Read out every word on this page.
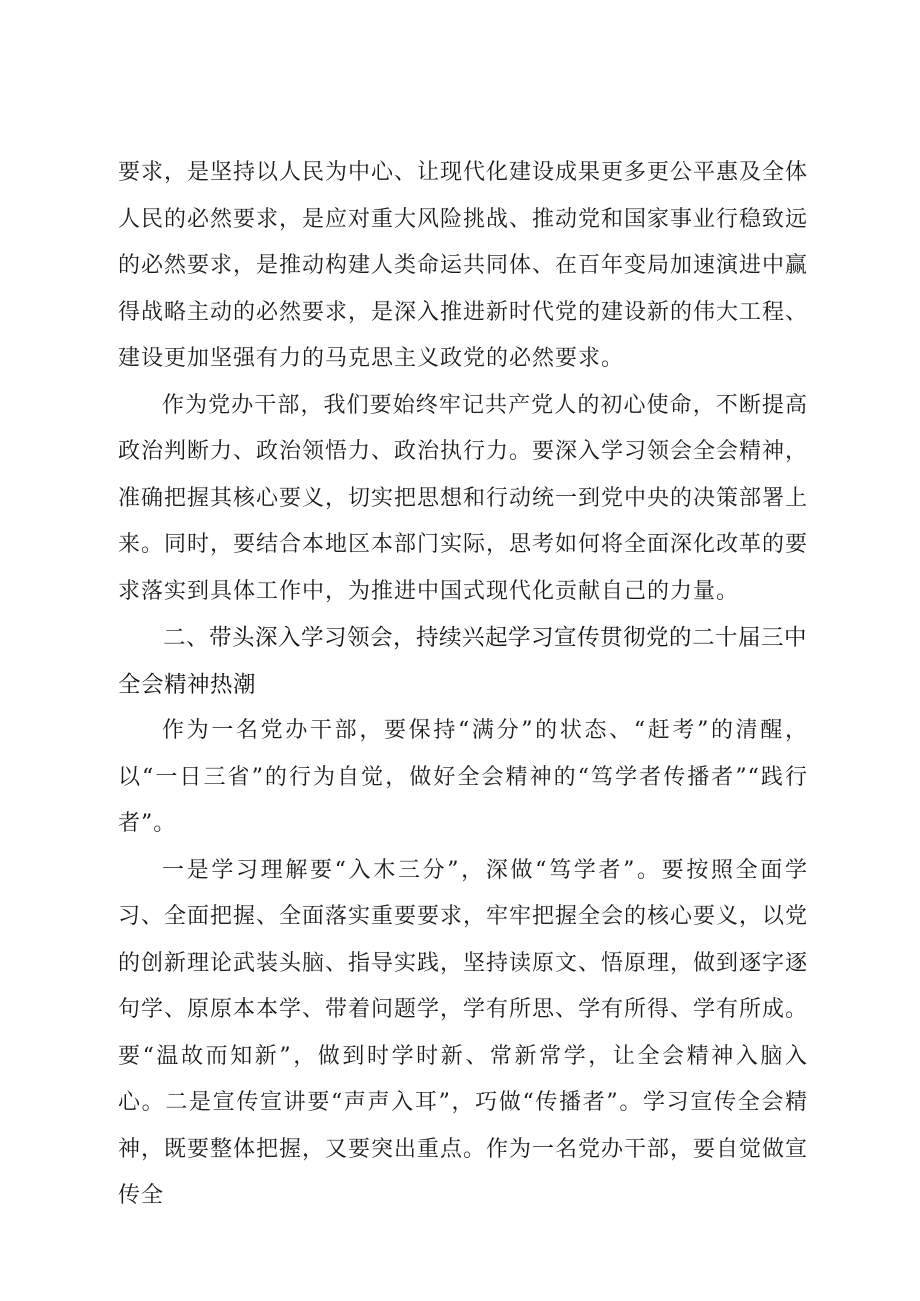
要求，是坚持以人民为中心、让现代化建设成果更多更公平惠及全体人民的必然要求，是应对重大风险挑战、推动党和国家事业行稳致远的必然要求，是推动构建人类命运共同体、在百年变局加速演进中赢得战略主动的必然要求，是深入推进新时代党的建设新的伟大工程、建设更加坚强有力的马克思主义政党的必然要求。

作为党办干部，我们要始终牢记共产党人的初心使命，不断提高政治判断力、政治领悟力、政治执行力。要深入学习领会全会精神，准确把握其核心要义，切实把思想和行动统一到党中央的决策部署上来。同时，要结合本地区本部门实际，思考如何将全面深化改革的要求落实到具体工作中，为推进中国式现代化贡献自己的力量。

二、带头深入学习领会，持续兴起学习宣传贯彻党的二十届三中全会精神热潮

作为一名党办干部，要保持“满分”的状态、“赶考”的清醒，以“一日三省”的行为自觉，做好全会精神的“笃学者传播者”“践行者”。

一是学习理解要“入木三分”，深做“笃学者”。要按照全面学习、全面把握、全面落实重要要求，牢牢把握全会的核心要义，以党的创新理论武装头脑、指导实践，坚持读原文、悟原理，做到逐字逐句学、原原本本学、带着问题学，学有所思、学有所得、学有所成。要“温故而知新”，做到时学时新、常新常学，让全会精神入脑入心。二是宣传宣讲要“声声入耳”，巧做“传播者”。学习宣传全会精神，既要整体把握，又要突出重点。作为一名党办干部，要自觉做宣传全
